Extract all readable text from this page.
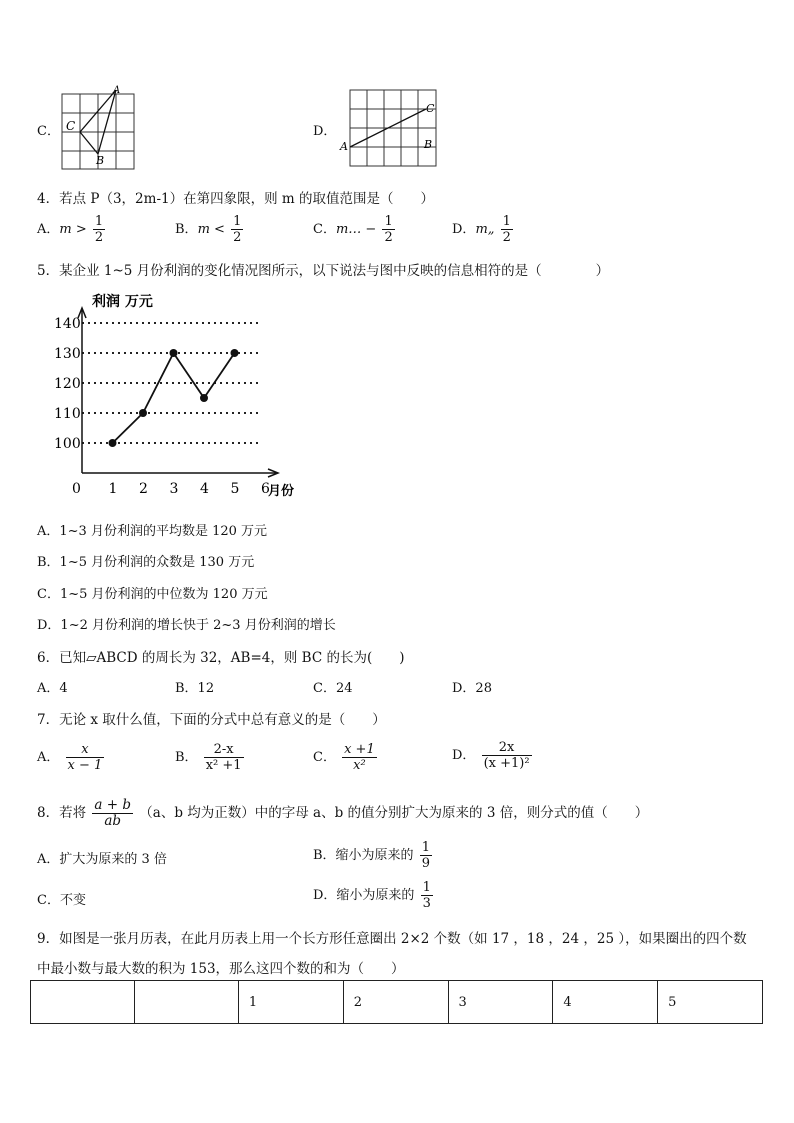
C．
A
C
B
D．
A
C
B
4．若点 P（3，2m-1）在第四象限，则 m 的取值范围是（　　）
A．$m > \frac{1}{2}$	B．$m < \frac{1}{2}$	C．m… − $\frac{1}{2}$	D．m„ $\frac{1}{2}$
5．某企业 1~5 月份利润的变化情况图所示，以下说法与图中反映的信息相符的是（　　　　）
利润 万元
月份
100
110
120
130
140
0 1 2 3 4 5 6
A．1~3 月份利润的平均数是 120 万元
B．1~5 月份利润的众数是 130 万元
C．1~5 月份利润的中位数为 120 万元
D．1~2 月份利润的增长快于 2~3 月份利润的增长
6．已知▱ABCD 的周长为 32，AB=4，则 BC 的长为(　　)
A．4	B．12	C．24	D．28
7．无论 x 取什么值，下面的分式中总有意义的是（　　）
A． $\frac{x}{x - 1}$	B． $\frac{2-x}{\text{x² +1}}$	C． $\frac{x +1}{\text{x²}}$	D． $\frac{2x}{\text{(x +1)²}}$
8．若将 $\frac{a + b}{ab} (a$、b 均为正数）中的字母 a、b 的值分别扩大为原来的 3 倍，则分式的值（　　）
A．扩大为原来的 3 倍	B．缩小为原来的 $\frac{1}{9}$
C．不变	D．缩小为原来的 $\frac{1}{3}$
9．如图是一张月历表，在此月历表上用一个长方形任意圈出 2×2 个数（如 17 ，18 ，24 ，25 ），如果圈出的四个数
中最小数与最大数的积为 153，那么这四个数的和为（　　）
		1	2	3	4	5
